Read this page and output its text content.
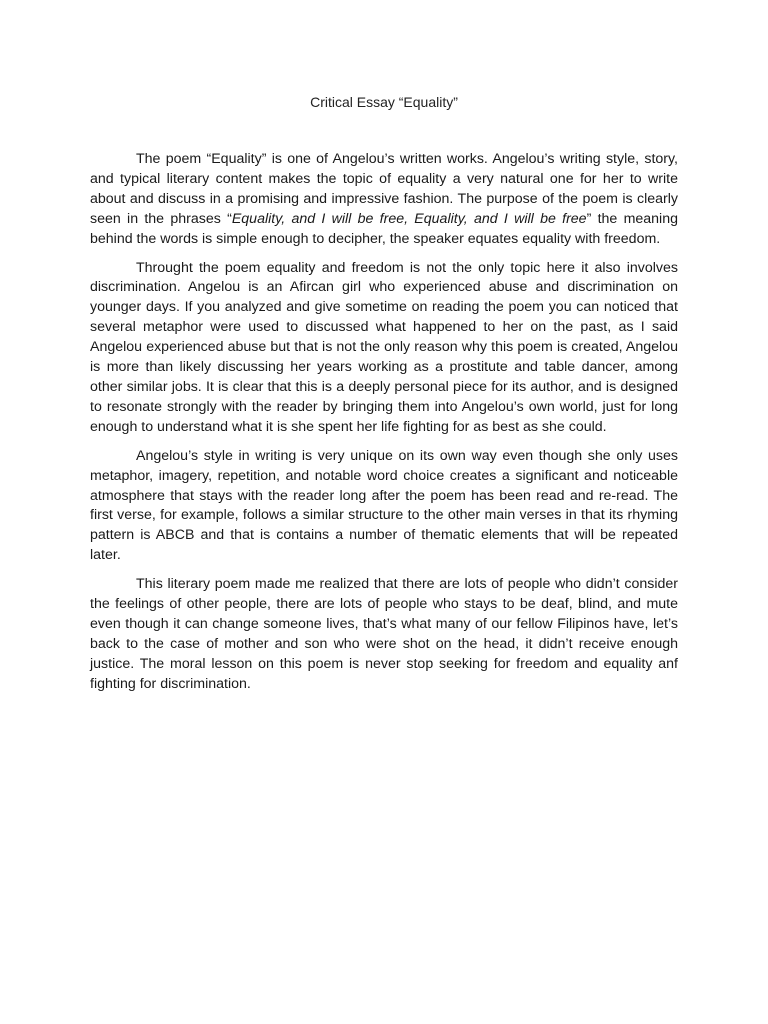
Critical Essay “Equality”

The poem “Equality” is one of Angelou’s written works. Angelou’s writing style, story, and typical literary content makes the topic of equality a very natural one for her to write about and discuss in a promising and impressive fashion. The purpose of the poem is clearly seen in the phrases “Equality, and I will be free, Equality, and I will be free” the meaning behind the words is simple enough to decipher, the speaker equates equality with freedom.

Throught the poem equality and freedom is not the only topic here it also involves discrimination. Angelou is an Afircan girl who experienced abuse and discrimination on younger days. If you analyzed and give sometime on reading the poem you can noticed that several metaphor were used to discussed what happened to her on the past, as I said Angelou experienced abuse but that is not the only reason why this poem is created, Angelou is more than likely discussing her years working as a prostitute and table dancer, among other similar jobs. It is clear that this is a deeply personal piece for its author, and is designed to resonate strongly with the reader by bringing them into Angelou’s own world, just for long enough to understand what it is she spent her life fighting for as best as she could.

Angelou’s style in writing is very unique on its own way even though she only uses metaphor, imagery, repetition, and notable word choice creates a significant and noticeable atmosphere that stays with the reader long after the poem has been read and re-read. The first verse, for example, follows a similar structure to the other main verses in that its rhyming pattern is ABCB and that is contains a number of thematic elements that will be repeated later.

This literary poem made me realized that there are lots of people who didn’t consider the feelings of other people, there are lots of people who stays to be deaf, blind, and mute even though it can change someone lives, that’s what many of our fellow Filipinos have, let’s back to the case of mother and son who were shot on the head, it didn’t receive enough justice. The moral lesson on this poem is never stop seeking for freedom and equality anf fighting for discrimination.
